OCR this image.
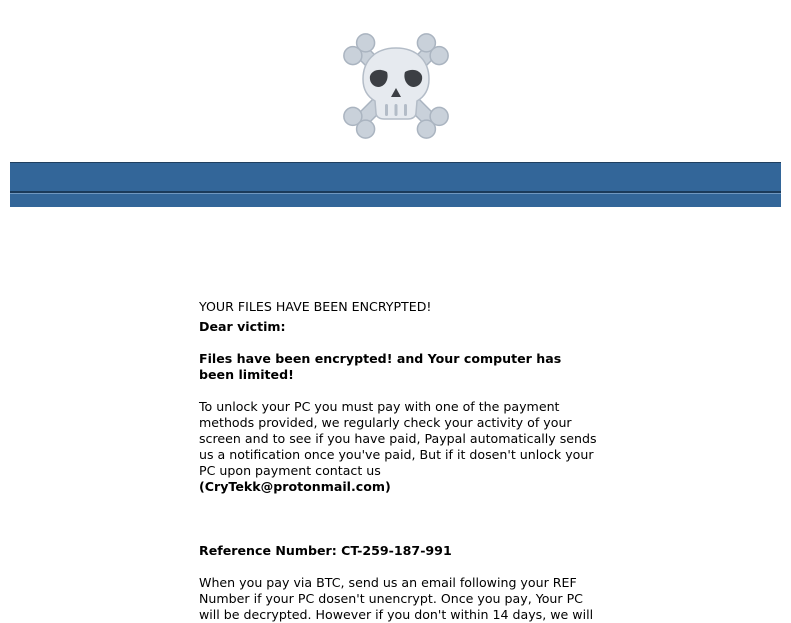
YOUR FILES HAVE BEEN ENCRYPTED!

Dear victim:

Files have been encrypted! and Your computer has been limited!

To unlock your PC you must pay with one of the payment methods provided, we regularly check your activity of your screen and to see if you have paid, Paypal automatically sends us a notification once you've paid, But if it dosen't unlock your PC upon payment contact us

(CryTekk@protonmail.com)

Reference Number: CT-259-187-991

When you pay via BTC, send us an email following your REF Number if your PC dosen't unencrypt. Once you pay, Your PC will be decrypted. However if you don't within 14 days, we will
